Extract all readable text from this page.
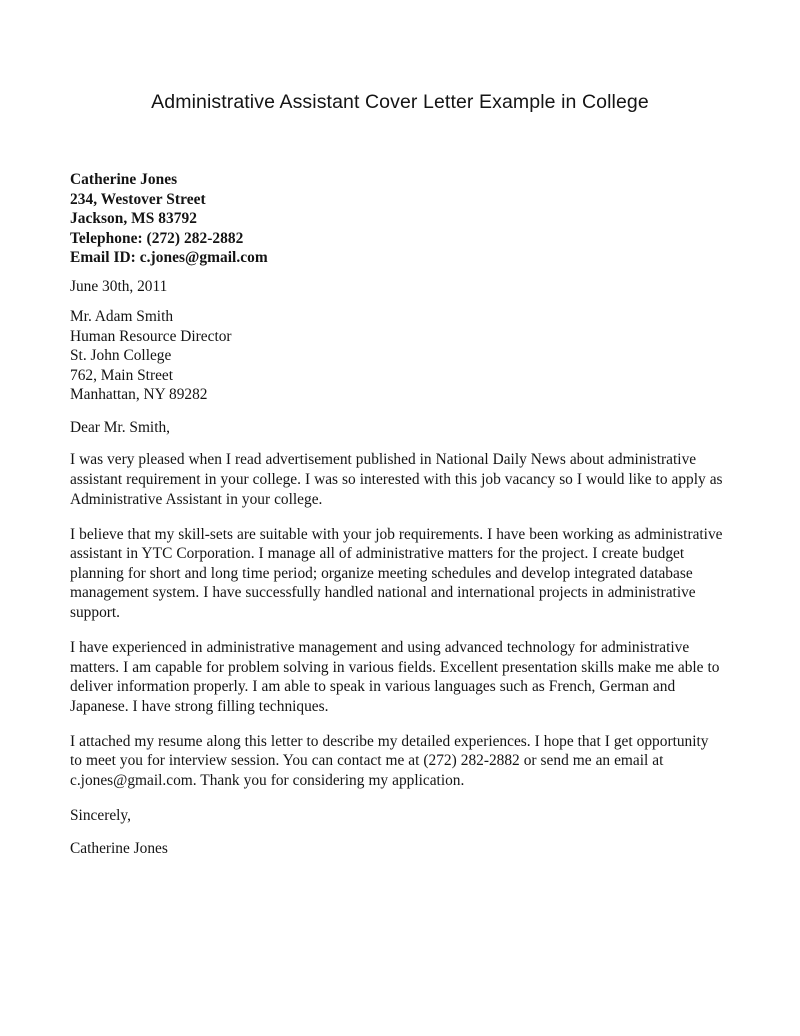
Administrative Assistant Cover Letter Example in College
Catherine Jones
234, Westover Street
Jackson, MS 83792
Telephone: (272) 282-2882
Email ID: c.jones@gmail.com
June 30th, 2011
Mr. Adam Smith
Human Resource Director
St. John College
762, Main Street
Manhattan, NY 89282
Dear Mr. Smith,

I was very pleased when I read advertisement published in National Daily News about administrative assistant requirement in your college. I was so interested with this job vacancy so I would like to apply as Administrative Assistant in your college.

I believe that my skill-sets are suitable with your job requirements. I have been working as administrative assistant in YTC Corporation. I manage all of administrative matters for the project. I create budget planning for short and long time period; organize meeting schedules and develop integrated database management system. I have successfully handled national and international projects in administrative support.

I have experienced in administrative management and using advanced technology for administrative matters. I am capable for problem solving in various fields. Excellent presentation skills make me able to deliver information properly. I am able to speak in various languages such as French, German and Japanese. I have strong filling techniques.

I attached my resume along this letter to describe my detailed experiences. I hope that I get opportunity to meet you for interview session. You can contact me at (272) 282-2882 or send me an email at c.jones@gmail.com. Thank you for considering my application.

Sincerely,
Catherine Jones
